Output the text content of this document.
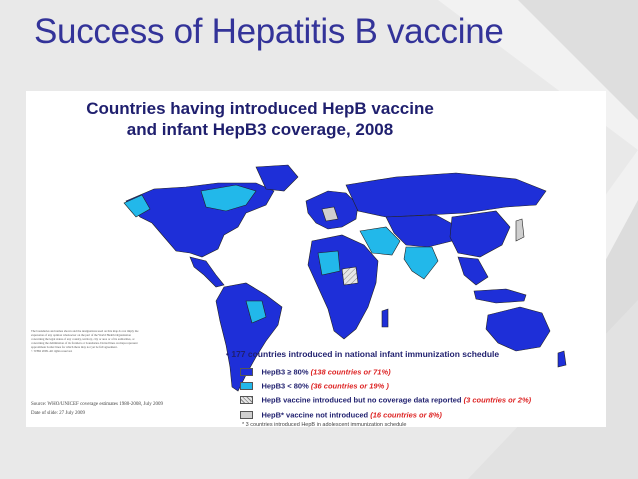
Success of Hepatitis B vaccine
Countries having introduced HepB vaccine
and infant HepB3 coverage, 2008
The boundaries and names shown and the designations used on this map do not imply the
expression of any opinion whatsoever on the part of the World Health Organization
concerning the legal status of any country, territory, city or area or of its authorities, or
concerning the delimitation of its frontiers or boundaries. Dotted lines on maps represent
approximate border lines for which there may not yet be full agreement.
© WHO 2009. All rights reserved.
Source: WHO/UNICEF coverage estimates 1980-2008, July 2009
Date of slide: 27 July 2009
• 177 countries introduced in national infant immunization schedule
HepB3 ≥ 80% (138 countries or 71%)
HepB3 < 80% (36 countries or 19% )
HepB vaccine introduced but no coverage data reported (3 countries or 2%)
HepB* vaccine not introduced (16 countries or 8%)
* 3 countries introduced HepB in adolescent immunization schedule
